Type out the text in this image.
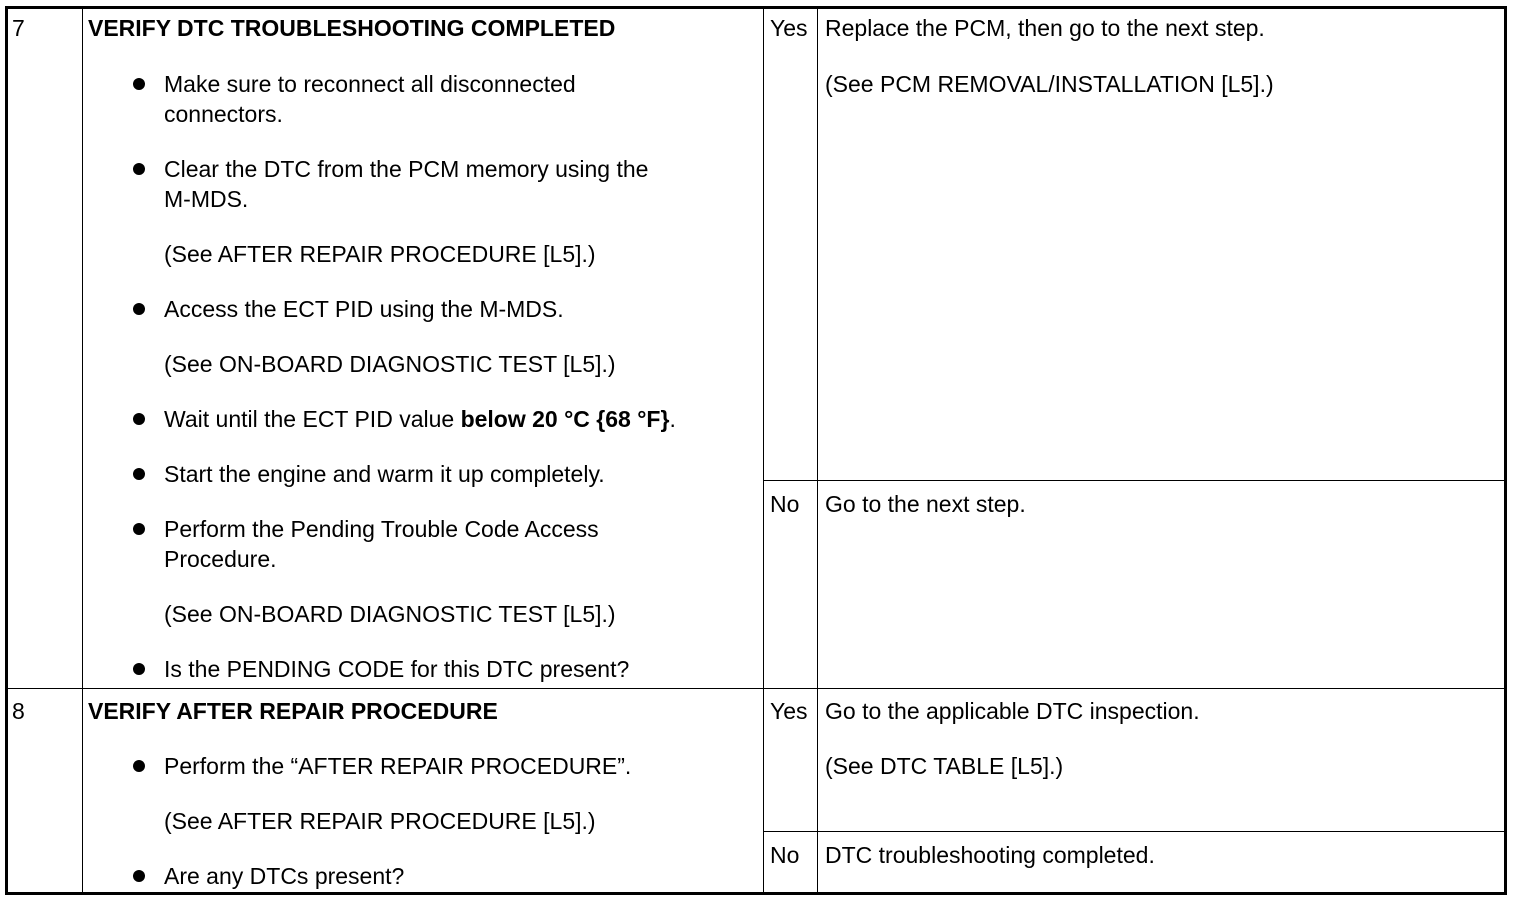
7	VERIFY DTC TROUBLESHOOTING COMPLETED
Make sure to reconnect all disconnected
connectors.
Clear the DTC from the PCM memory using the
M-MDS.
(See AFTER REPAIR PROCEDURE [L5].)
Access the ECT PID using the M-MDS.
(See ON-BOARD DIAGNOSTIC TEST [L5].)
Wait until the ECT PID value below 20 °C {68 °F}.
Start the engine and warm it up completely.
Perform the Pending Trouble Code Access
Procedure.
(See ON-BOARD DIAGNOSTIC TEST [L5].)
Is the PENDING CODE for this DTC present?
Yes Replace the PCM, then go to the next step.
(See PCM REMOVAL/INSTALLATION [L5].)
No Go to the next step.
8	VERIFY AFTER REPAIR PROCEDURE
Perform the “AFTER REPAIR PROCEDURE”.
(See AFTER REPAIR PROCEDURE [L5].)
Are any DTCs present?
Yes Go to the applicable DTC inspection.
(See DTC TABLE [L5].)
No DTC troubleshooting completed.
